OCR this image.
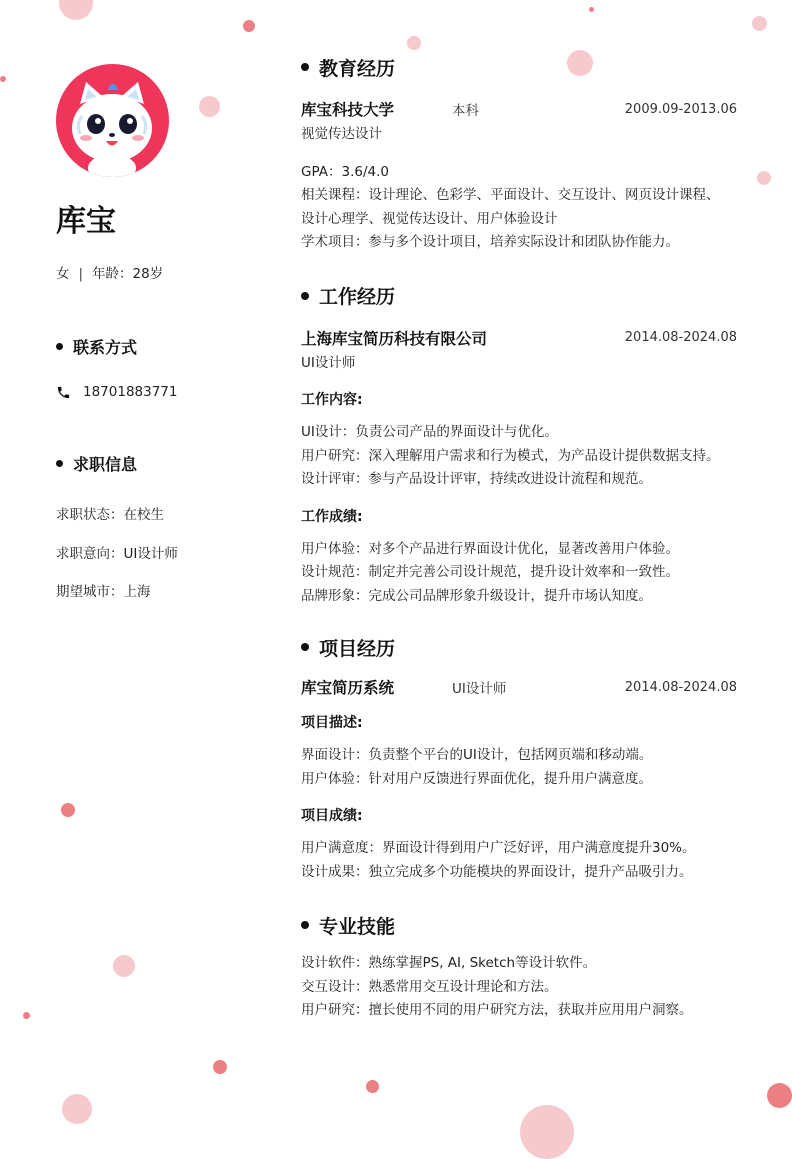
库宝
女 | 年龄：28岁
联系方式
18701883771
求职信息
求职状态：在校生
求职意向：UI设计师
期望城市：上海
教育经历
库宝科技大学	本科	2009.09-2013.06
视觉传达设计
GPA：3.6/4.0
相关课程：设计理论、色彩学、平面设计、交互设计、网页设计课程、
设计心理学、视觉传达设计、用户体验设计
学术项目：参与多个设计项目，培养实际设计和团队协作能力。
工作经历
上海库宝简历科技有限公司	2014.08-2024.08
UI设计师
工作内容:
UI设计：负责公司产品的界面设计与优化。
用户研究：深入理解用户需求和行为模式，为产品设计提供数据支持。
设计评审：参与产品设计评审，持续改进设计流程和规范。
工作成绩:
用户体验：对多个产品进行界面设计优化，显著改善用户体验。
设计规范：制定并完善公司设计规范，提升设计效率和一致性。
品牌形象：完成公司品牌形象升级设计，提升市场认知度。
项目经历
库宝简历系统	UI设计师	2014.08-2024.08
项目描述:
界面设计：负责整个平台的UI设计，包括网页端和移动端。
用户体验：针对用户反馈进行界面优化，提升用户满意度。
项目成绩:
用户满意度：界面设计得到用户广泛好评，用户满意度提升30%。
设计成果：独立完成多个功能模块的界面设计，提升产品吸引力。
专业技能
设计软件：熟练掌握PS, AI, Sketch等设计软件。
交互设计：熟悉常用交互设计理论和方法。
用户研究：擅长使用不同的用户研究方法，获取并应用用户洞察。
